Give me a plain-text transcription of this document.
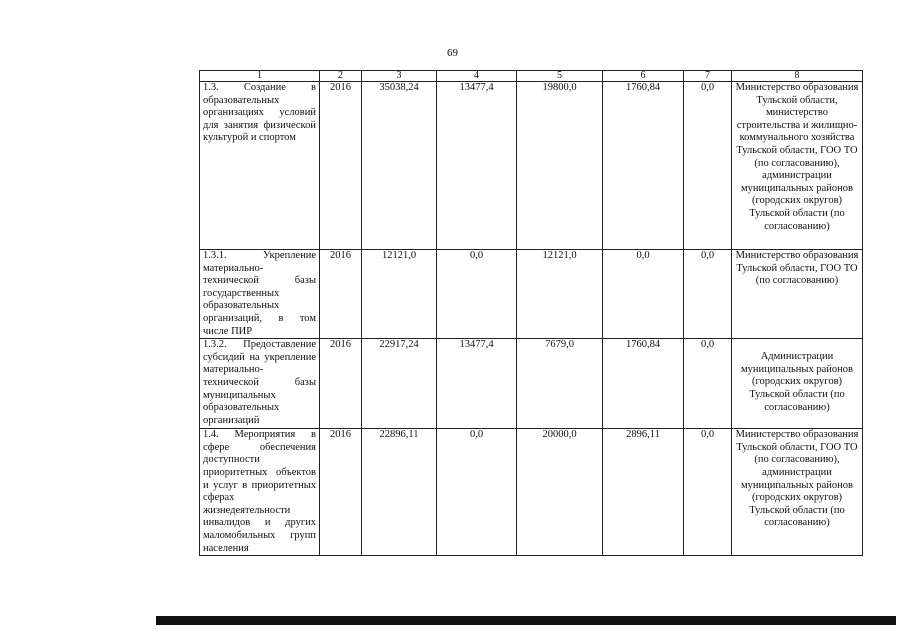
69
1	2	3	4	5	6	7	8
1.3. Создание в образовательных организациях условий для занятия физической культурой и спортом	2016	35038,24	13477,4	19800,0	1760,84	0,0	Министерство образования Тульской области, министерство строительства и жилищно-коммунального хозяйства Тульской области, ГОО ТО (по согласованию), администрации муниципальных районов (городских округов) Тульской области (по согласованию)
1.3.1. Укрепление материально-технической базы государственных образовательных организаций, в том числе ПИР	2016	12121,0	0,0	12121,0	0,0	0,0	Министерство образования Тульской области, ГОО ТО (по согласованию)
1.3.2. Предоставление субсидий на укрепление материально-технической базы муниципальных образовательных организаций	2016	22917,24	13477,4	7679,0	1760,84	0,0	Администрации муниципальных районов (городских округов) Тульской области (по согласованию)
1.4. Мероприятия в сфере обеспечения доступности приоритетных объектов и услуг в приоритетных сферах жизнедеятельности инвалидов и других маломобильных групп населения	2016	22896,11	0,0	20000,0	2896,11	0,0	Министерство образования Тульской области, ГОО ТО (по согласованию), администрации муниципальных районов (городских округов) Тульской области (по согласованию)
